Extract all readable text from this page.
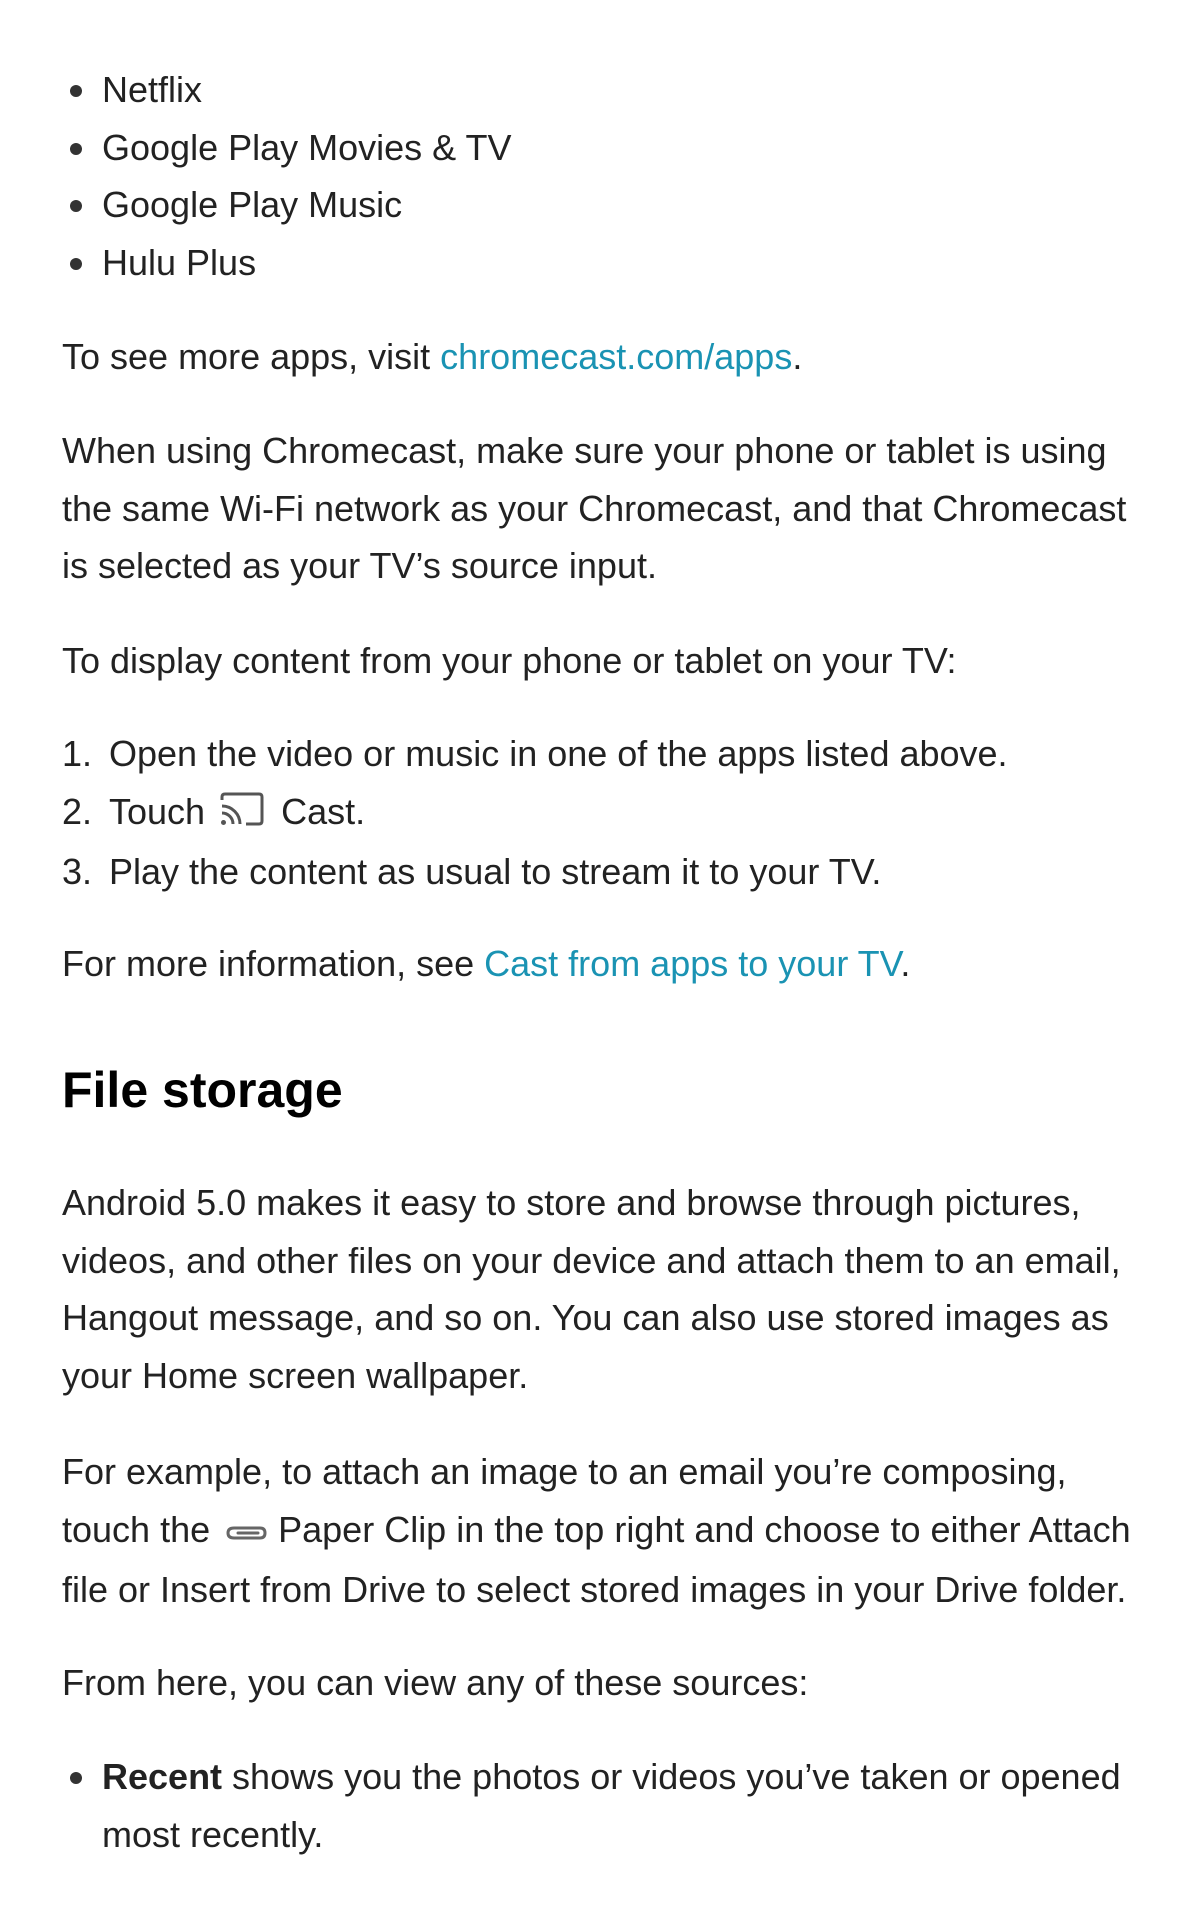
Netflix
Google Play Movies & TV
Google Play Music
Hulu Plus

To see more apps, visit chromecast.com/apps.

When using Chromecast, make sure your phone or tablet is using the same Wi-Fi network as your Chromecast, and that Chromecast is selected as your TV’s source input.

To display content from your phone or tablet on your TV:

1. Open the video or music in one of the apps listed above.
2. Touch Cast.
3. Play the content as usual to stream it to your TV.

For more information, see Cast from apps to your TV.

File storage

Android 5.0 makes it easy to store and browse through pictures, videos, and other files on your device and attach them to an email, Hangout message, and so on. You can also use stored images as your Home screen wallpaper.

For example, to attach an image to an email you’re composing, touch the Paper Clip in the top right and choose to either Attach file or Insert from Drive to select stored images in your Drive folder.

From here, you can view any of these sources:

Recent shows you the photos or videos you’ve taken or opened most recently.
